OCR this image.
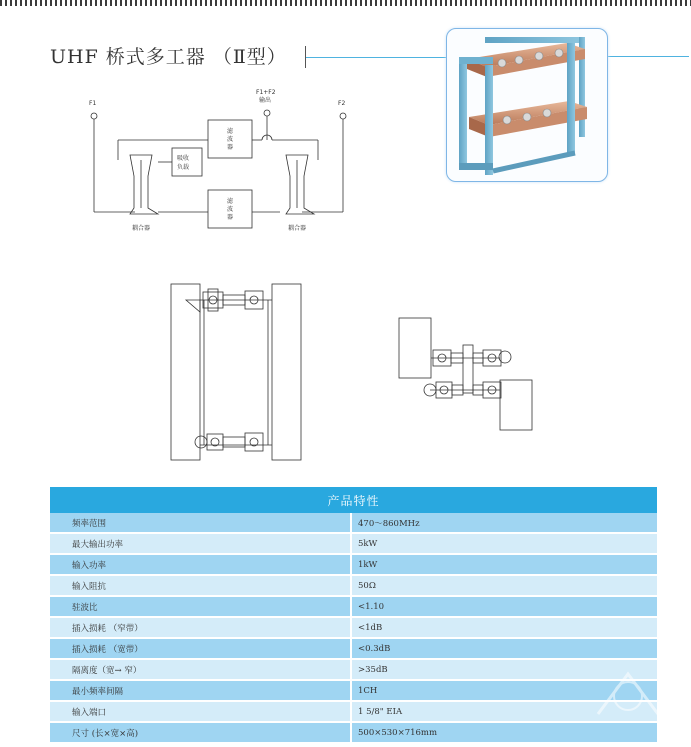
UHF 桥式多工器 （Ⅱ型）
F1	F2
F1+F2
输出
滤 波 器
滤 波 器
吸收 负载
耦合器	耦合器
产品特性	
频率范围	470～860MHz
最大输出功率	5kW
输入功率	1kW
输入阻抗	50Ω
驻波比	<1.10
插入损耗 （窄带）	<1dB
插入损耗 （宽带）	<0.3dB
隔离度（宽→ 窄）	>35dB
最小频率间隔	1CH
输入端口	1 5/8" EIA
尺寸 (长×宽×高)	500×530×716mm
